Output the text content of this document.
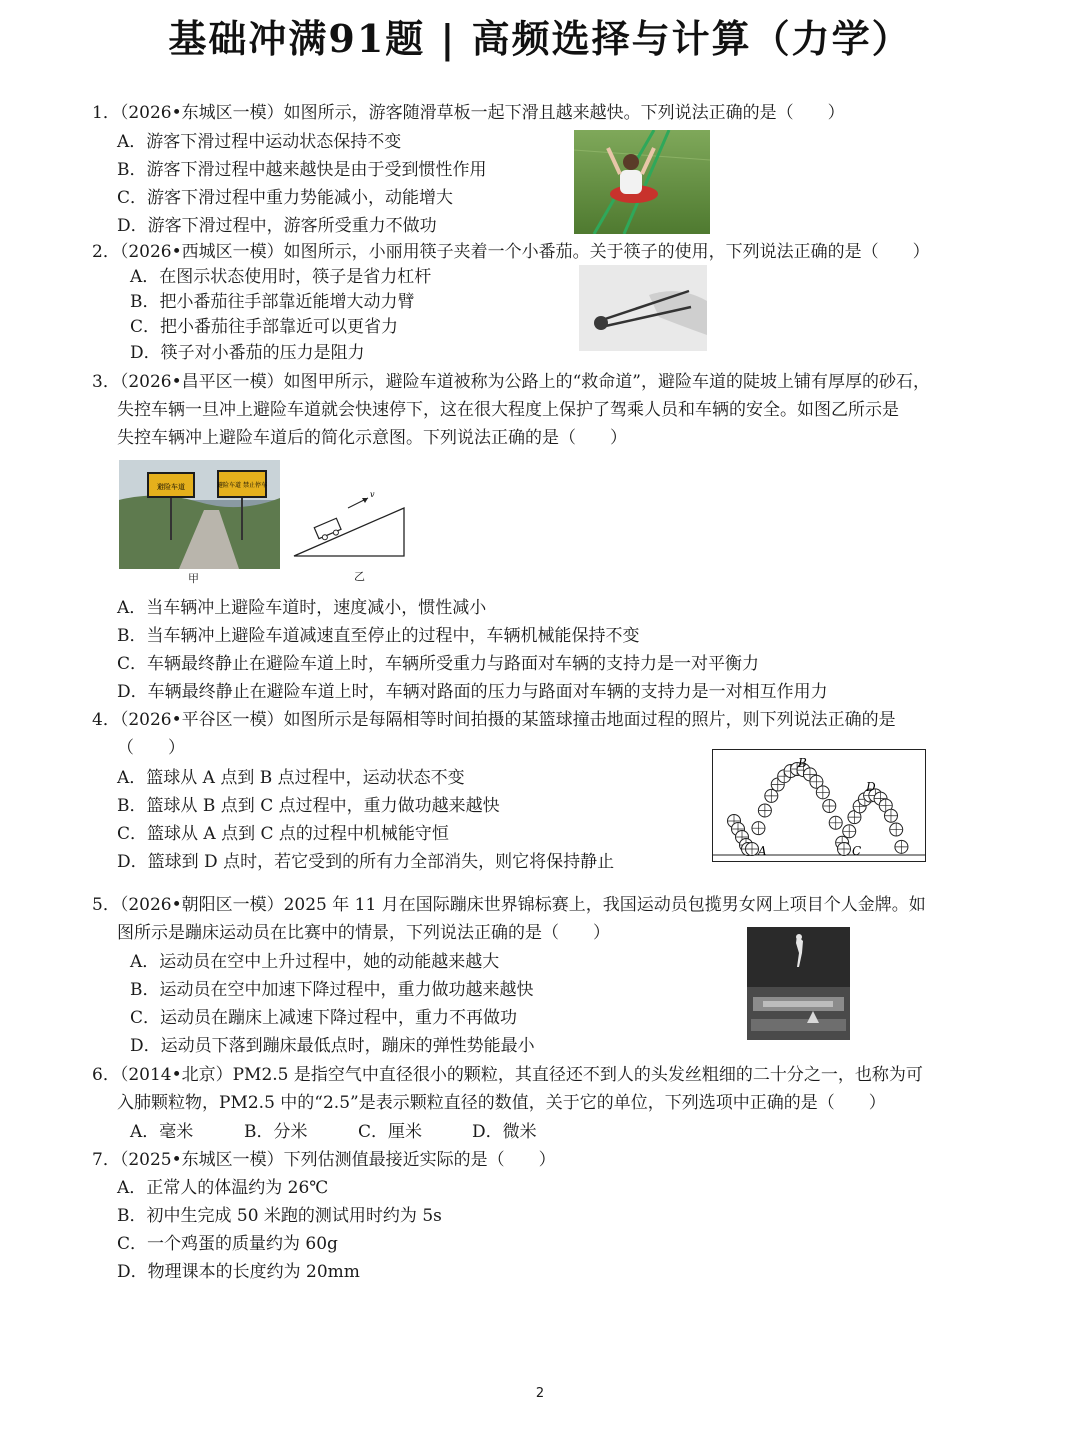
基础冲满91题 | 高频选择与计算（力学）
1．（2026•东城区一模）如图所示，游客随滑草板一起下滑且越来越快。下列说法正确的是（　　）
A．游客下滑过程中运动状态保持不变
B．游客下滑过程中越来越快是由于受到惯性作用
C．游客下滑过程中重力势能减小，动能增大
D．游客下滑过程中，游客所受重力不做功
2．（2026•西城区一模）如图所示，小丽用筷子夹着一个小番茄。关于筷子的使用，下列说法正确的是（　　）
A．在图示状态使用时，筷子是省力杠杆
B．把小番茄往手部靠近能增大动力臂
C．把小番茄往手部靠近可以更省力
D．筷子对小番茄的压力是阻力
3．（2026•昌平区一模）如图甲所示，避险车道被称为公路上的“救命道”，避险车道的陡坡上铺有厚厚的砂石，
失控车辆一旦冲上避险车道就会快速停下，这在很大程度上保护了驾乘人员和车辆的安全。如图乙所示是
失控车辆冲上避险车道后的简化示意图。下列说法正确的是（　　）
避险车道	避险车道 禁止停车
甲
v
乙
A．当车辆冲上避险车道时，速度减小，惯性减小
B．当车辆冲上避险车道减速直至停止的过程中，车辆机械能保持不变
C．车辆最终静止在避险车道上时，车辆所受重力与路面对车辆的支持力是一对平衡力
D．车辆最终静止在避险车道上时，车辆对路面的压力与路面对车辆的支持力是一对相互作用力
4．（2026•平谷区一模）如图所示是每隔相等时间拍摄的某篮球撞击地面过程的照片，则下列说法正确的是
（　　）
A．篮球从 A 点到 B 点过程中，运动状态不变
B．篮球从 B 点到 C 点过程中，重力做功越来越快
C．篮球从 A 点到 C 点的过程中机械能守恒
D．篮球到 D 点时，若它受到的所有力全部消失，则它将保持静止
A
B
C
D
5．（2026•朝阳区一模）2025 年 11 月在国际蹦床世界锦标赛上，我国运动员包揽男女网上项目个人金牌。如
图所示是蹦床运动员在比赛中的情景，下列说法正确的是（　　）
A．运动员在空中上升过程中，她的动能越来越大
B．运动员在空中加速下降过程中，重力做功越来越快
C．运动员在蹦床上减速下降过程中，重力不再做功
D．运动员下落到蹦床最低点时，蹦床的弹性势能最小
6．（2014•北京）PM2.5 是指空气中直径很小的颗粒，其直径还不到人的头发丝粗细的二十分之一，也称为可
入肺颗粒物，PM2.5 中的“2.5”是表示颗粒直径的数值，关于它的单位，下列选项中正确的是（　　）
A．毫米	B．分米	C．厘米	D．微米
7．（2025•东城区一模）下列估测值最接近实际的是（　　）
A．正常人的体温约为 26℃
B．初中生完成 50 米跑的测试用时约为 5s
C．一个鸡蛋的质量约为 60g
D．物理课本的长度约为 20mm
2
